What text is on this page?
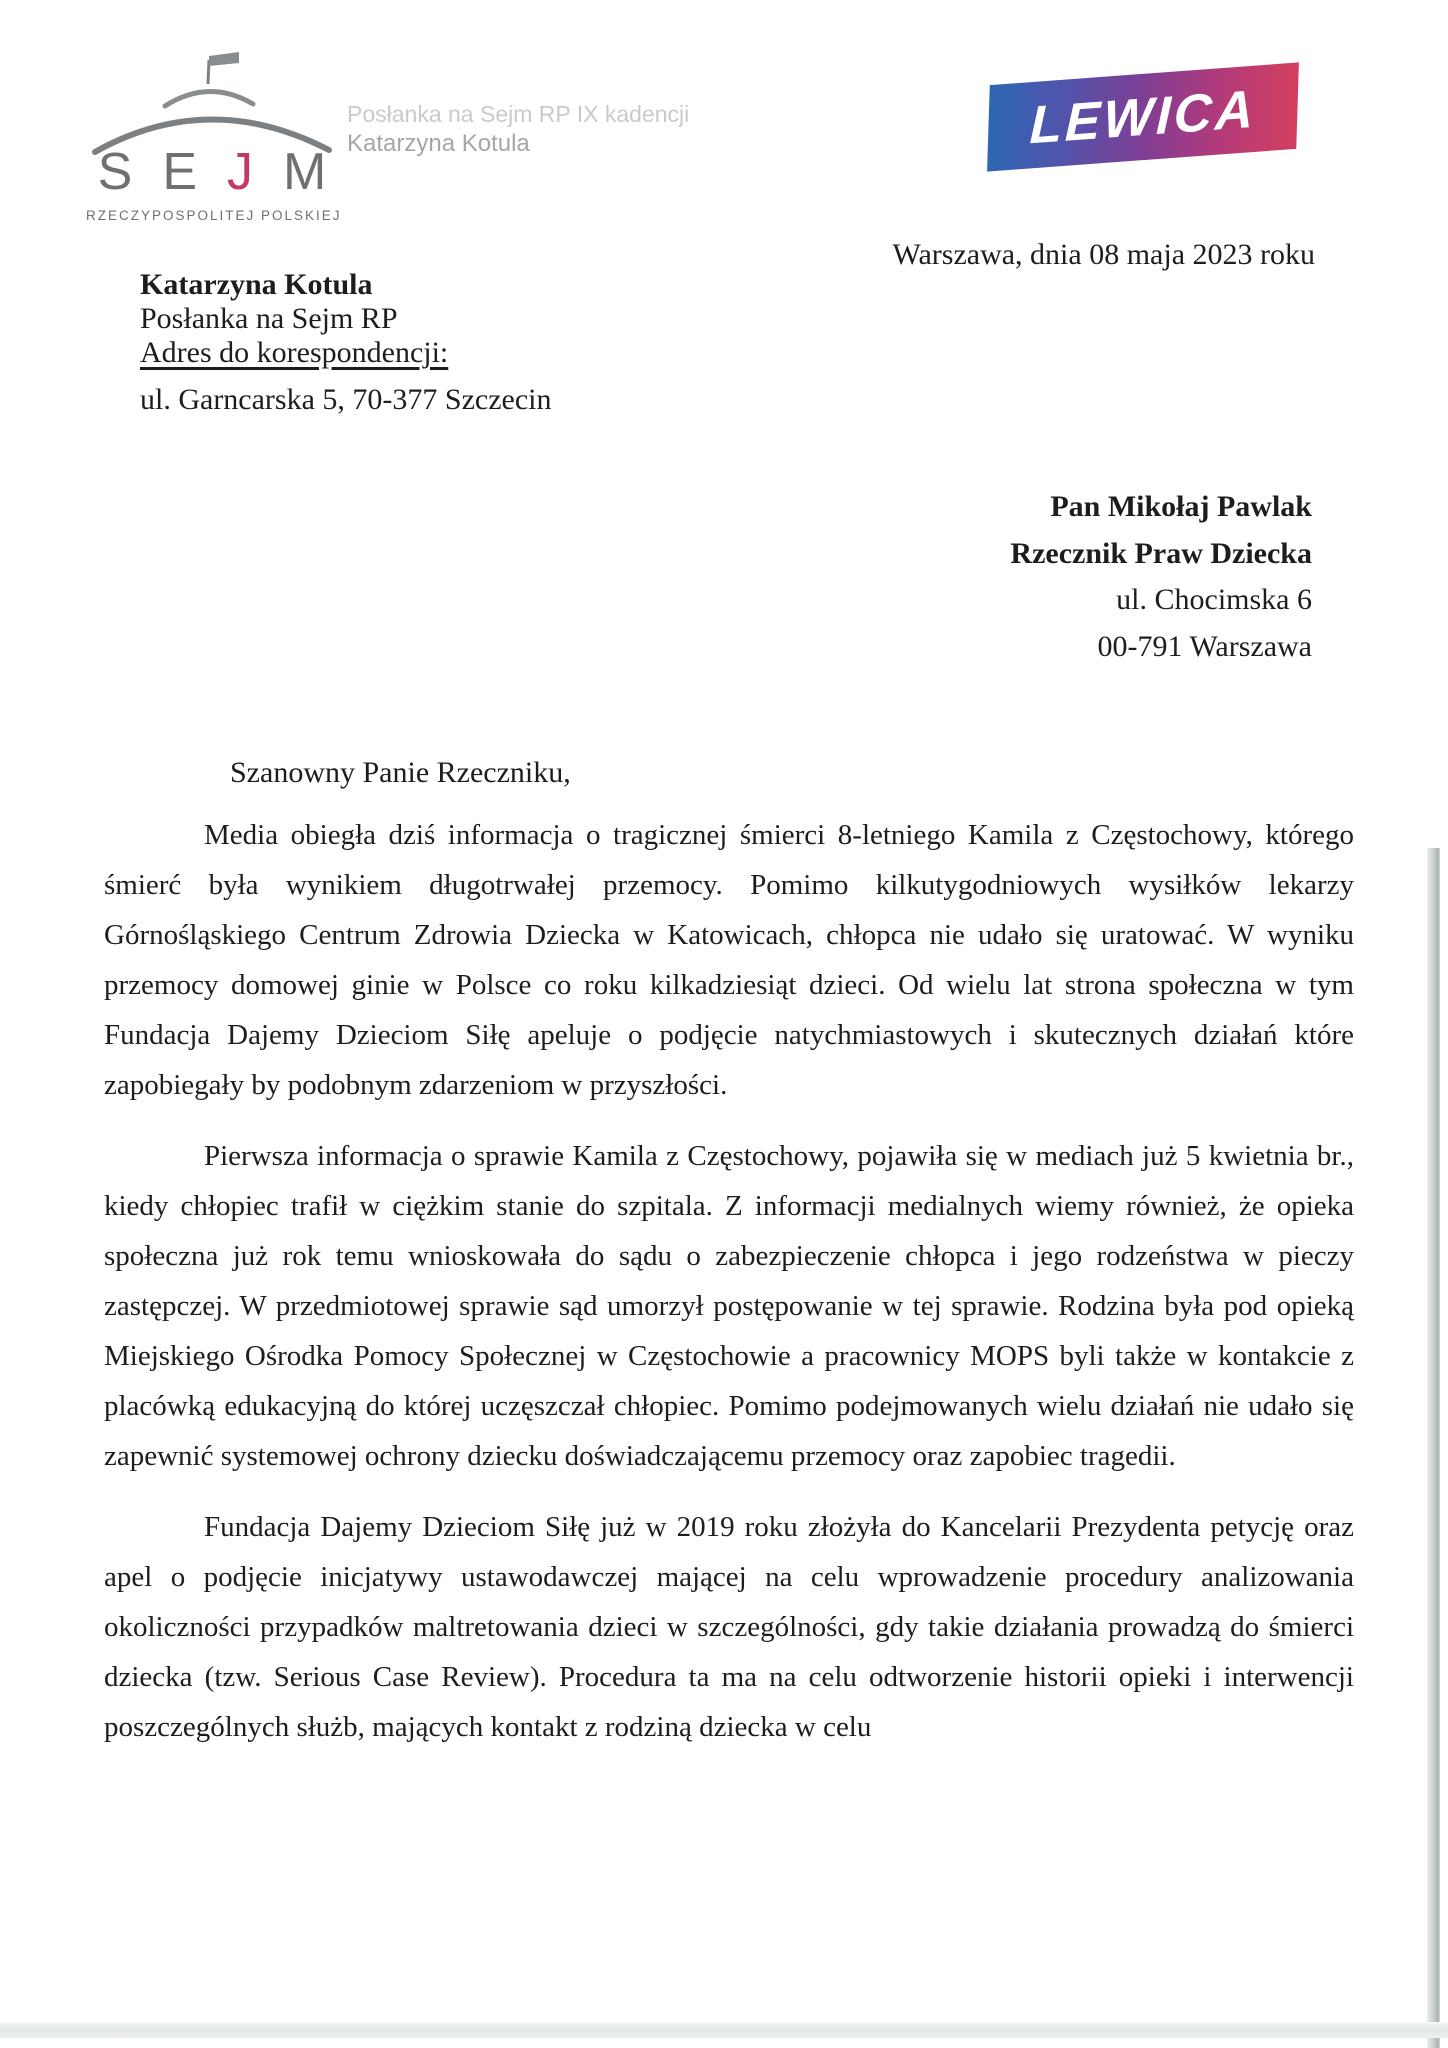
S E J M
RZECZYPOSPOLITEJ POLSKIEJ
Posłanka na Sejm RP IX kadencji
Katarzyna Kotula	LEWICA
Warszawa, dnia 08 maja 2023 roku
Katarzyna Kotula
Posłanka na Sejm RP
Adres do korespondencji:
ul. Garncarska 5, 70-377 Szczecin
Pan Mikołaj Pawlak
Rzecznik Praw Dziecka
ul. Chocimska 6
00-791 Warszawa
Szanowny Panie Rzeczniku,

Media obiegła dziś informacja o tragicznej śmierci 8-letniego Kamila z Częstochowy, którego śmierć była wynikiem długotrwałej przemocy. Pomimo kilkutygodniowych wysiłków lekarzy Górnośląskiego Centrum Zdrowia Dziecka w Katowicach, chłopca nie udało się uratować. W wyniku przemocy domowej ginie w Polsce co roku kilkadziesiąt dzieci. Od wielu lat strona społeczna w tym Fundacja Dajemy Dzieciom Siłę apeluje o podjęcie natychmiastowych i skutecznych działań które zapobiegały by podobnym zdarzeniom w przyszłości.

Pierwsza informacja o sprawie Kamila z Częstochowy, pojawiła się w mediach już 5 kwietnia br., kiedy chłopiec trafił w ciężkim stanie do szpitala. Z informacji medialnych wiemy również, że opieka społeczna już rok temu wnioskowała do sądu o zabezpieczenie chłopca i jego rodzeństwa w pieczy zastępczej. W przedmiotowej sprawie sąd umorzył postępowanie w tej sprawie. Rodzina była pod opieką Miejskiego Ośrodka Pomocy Społecznej w Częstochowie a pracownicy MOPS byli także w kontakcie z placówką edukacyjną do której uczęszczał chłopiec. Pomimo podejmowanych wielu działań nie udało się zapewnić systemowej ochrony dziecku doświadczającemu przemocy oraz zapobiec tragedii.

Fundacja Dajemy Dzieciom Siłę już w 2019 roku złożyła do Kancelarii Prezydenta petycję oraz apel o podjęcie inicjatywy ustawodawczej mającej na celu wprowadzenie procedury analizowania okoliczności przypadków maltretowania dzieci w szczególności, gdy takie działania prowadzą do śmierci dziecka (tzw. Serious Case Review). Procedura ta ma na celu odtworzenie historii opieki i interwencji poszczególnych służb, mających kontakt z rodziną dziecka w celu
